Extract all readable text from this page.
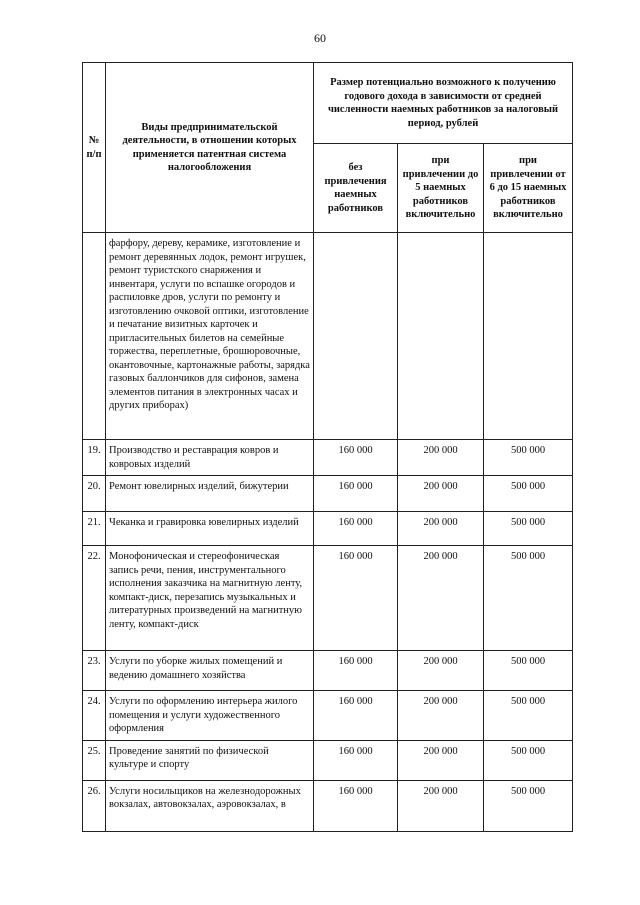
60
№ п/п	Виды предпринимательской деятельности, в отношении которых применяется патентная система налогообложения	Размер потенциально возможного к получению годового дохода в зависимости от средней численности наемных работников за налоговый период, рублей		
		без привлечения наемных работников	при привлечении до 5 наемных работников включительно	при привлечении от 6 до 15 наемных работников включительно
	фарфору, дереву, керамике, изготовление и ремонт деревянных лодок, ремонт игрушек, ремонт туристского снаряжения и инвентаря, услуги по вспашке огородов и распиловке дров, услуги по ремонту и изготовлению очковой оптики, изготовление и печатание визитных карточек и пригласительных билетов на семейные торжества, переплетные, брошюровочные, окантовочные, картонажные работы, зарядка газовых баллончиков для сифонов, замена элементов питания в электронных часах и других приборах)			
19.	Производство и реставрация ковров и ковровых изделий	160 000	200 000	500 000
20.	Ремонт ювелирных изделий, бижутерии	160 000	200 000	500 000
21.	Чеканка и гравировка ювелирных изделий	160 000	200 000	500 000
22.	Монофоническая и стереофоническая запись речи, пения, инструментального исполнения заказчика на магнитную ленту, компакт-диск, перезапись музыкальных и литературных произведений на магнитную ленту, компакт-диск	160 000	200 000	500 000
23.	Услуги по уборке жилых помещений и ведению домашнего хозяйства	160 000	200 000	500 000
24.	Услуги по оформлению интерьера жилого помещения и услуги художественного оформления	160 000	200 000	500 000
25.	Проведение занятий по физической культуре и спорту	160 000	200 000	500 000
26.	Услуги носильщиков на железнодорожных вокзалах, автовокзалах, аэровокзалах, в	160 000	200 000	500 000
